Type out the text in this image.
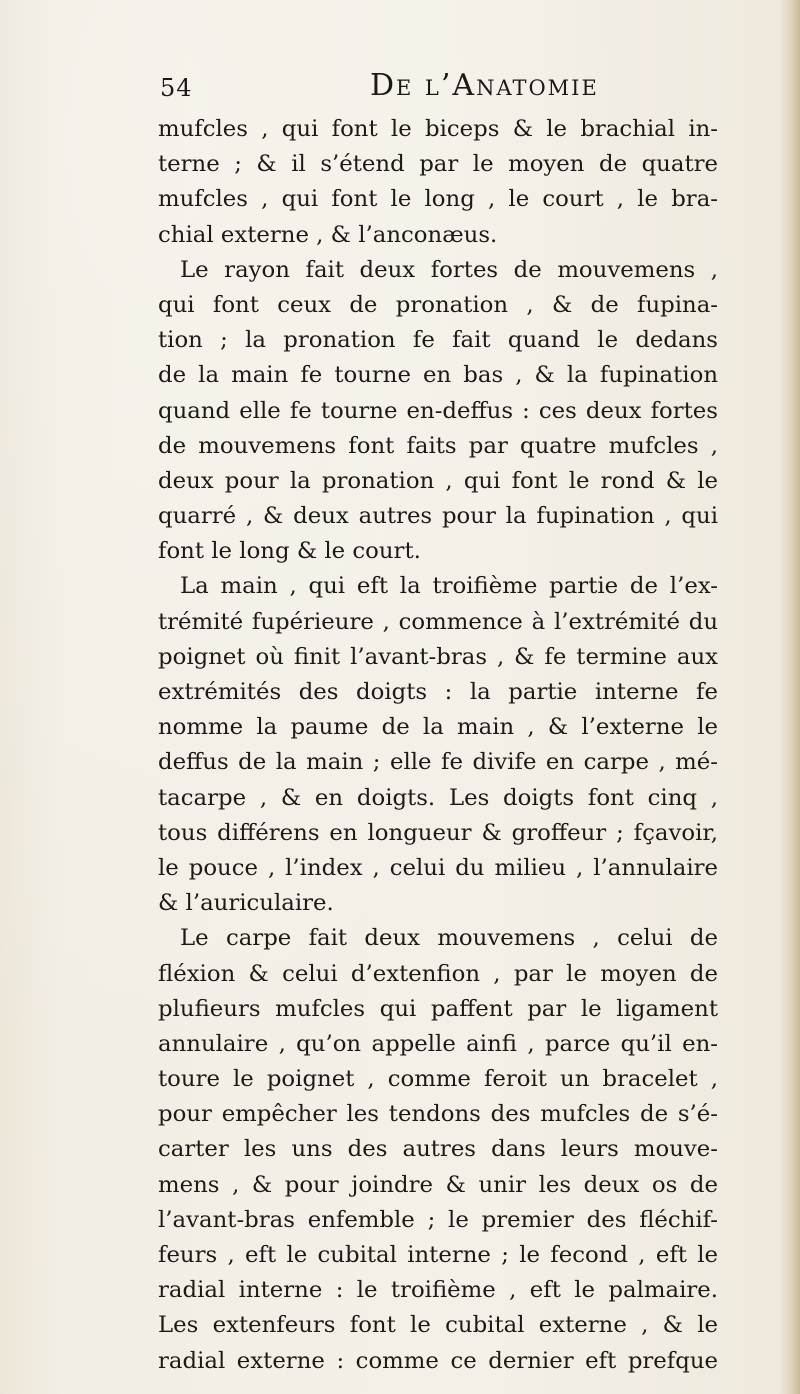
54	De l’Anatomie
mufcles , qui font le biceps & le brachial in-
terne ; & il s’étend par le moyen de quatre
mufcles , qui font le long , le court , le bra-
chial externe , & l’anconæus.
Le rayon fait deux fortes de mouvemens ,
qui font ceux de pronation , & de fupina-
tion ; la pronation fe fait quand le dedans
de la main fe tourne en bas , & la fupination
quand elle fe tourne en-deffus : ces deux fortes
de mouvemens font faits par quatre mufcles ,
deux pour la pronation , qui font le rond & le
quarré , & deux autres pour la fupination , qui
font le long & le court.
La main , qui eft la troifième partie de l’ex-
trémité fupérieure , commence à l’extrémité du
poignet où finit l’avant-bras , & fe termine aux
extrémités des doigts : la partie interne fe
nomme la paume de la main , & l’externe le
deffus de la main ; elle fe divife en carpe , mé-
tacarpe , & en doigts. Les doigts font cinq ,
tous différens en longueur & groffeur ; fçavoir,
le pouce , l’index , celui du milieu , l’annulaire
& l’auriculaire.
Le carpe fait deux mouvemens , celui de
fléxion & celui d’extenfion , par le moyen de
plufieurs mufcles qui paffent par le ligament
annulaire , qu’on appelle ainfi , parce qu’il en-
toure le poignet , comme feroit un bracelet ,
pour empêcher les tendons des mufcles de s’é-
carter les uns des autres dans leurs mouve-
mens , & pour joindre & unir les deux os de
l’avant-bras enfemble ; le premier des fléchif-
feurs , eft le cubital interne ; le fecond , eft le
radial interne : le troifième , eft le palmaire.
Les extenfeurs font le cubital externe , & le
radial externe : comme ce dernier eft prefque
